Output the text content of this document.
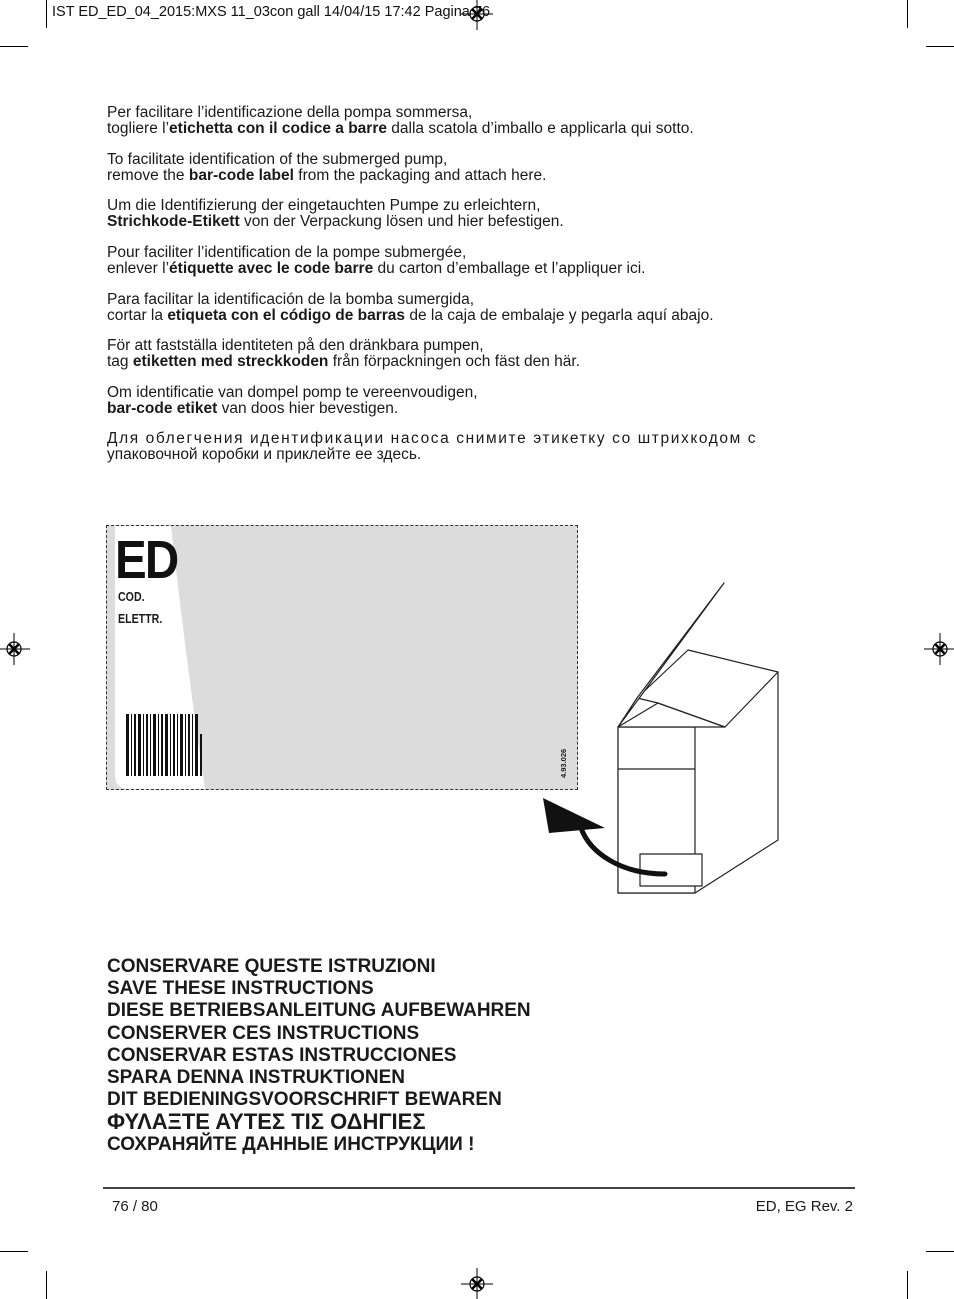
IST ED_ED_04_2015:MXS 11_03con gall 14/04/15 17:42 Pagina 76
Per facilitare l’identificazione della pompa sommersa,
togliere l’etichetta con il codice a barre dalla scatola d’imballo e applicarla qui sotto.
To facilitate identification of the submerged pump,
remove the bar-code label from the packaging and attach here.
Um die Identifizierung der eingetauchten Pumpe zu erleichtern,
Strichkode-Etikett von der Verpackung lösen und hier befestigen.
Pour faciliter l’identification de la pompe submergée,
enlever l’étiquette avec le code barre du carton d’emballage et l’appliquer ici.
Para facilitar la identificación de la bomba sumergida,
cortar la etiqueta con el código de barras de la caja de embalaje y pegarla aquí abajo.
För att fastställa identiteten på den dränkbara pumpen,
tag etiketten med streckkoden från förpackningen och fäst den här.
Om identificatie van dompel pomp te vereenvoudigen,
bar-code etiket van doos hier bevestigen.
Для облегчения идентификации насоса снимите этикетку со штрихкодом с
упаковочной коробки и приклейте ее здесь.
ED
COD.
ELETTR.
4.93.026
CONSERVARE QUESTE ISTRUZIONI
SAVE THESE INSTRUCTIONS
DIESE BETRIEBSANLEITUNG AUFBEWAHREN
CONSERVER CES INSTRUCTIONS
CONSERVAR ESTAS INSTRUCCIONES
SPARA DENNA INSTRUKTIONEN
DIT BEDIENINGSVOORSCHRIFT BEWAREN
ΦΥΛΑΞΤΕ ΑΥΤΕΣ ΤΙΣ ΟΔΗΓΙΕΣ
СОХРАНЯЙТЕ ДАННЫЕ ИНСТРУКЦИИ !
76 / 80	ED, EG Rev. 2
